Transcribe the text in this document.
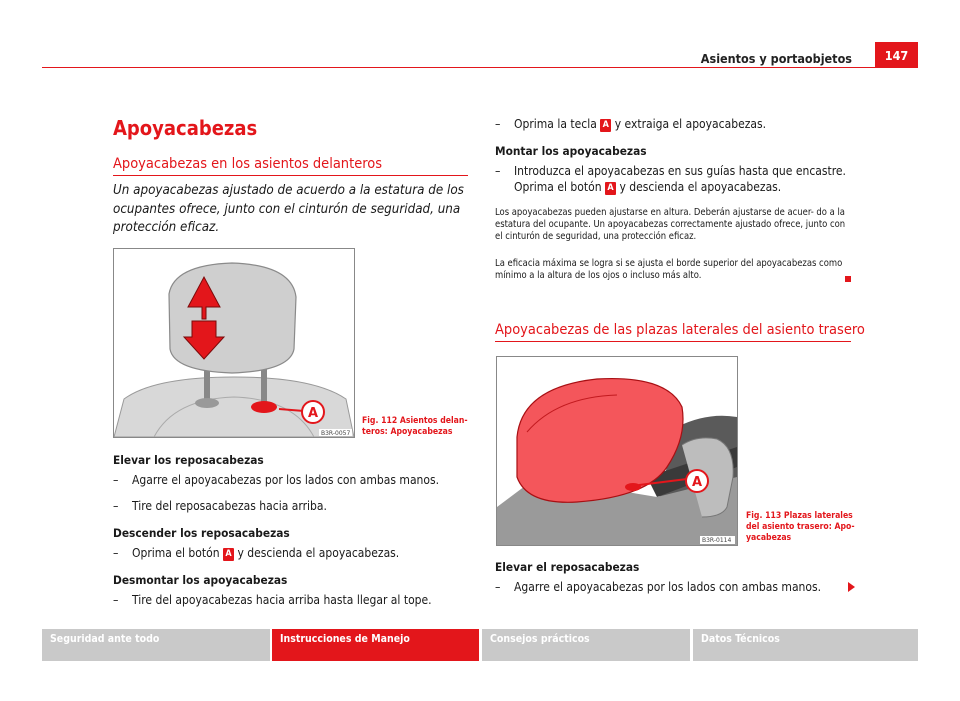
Asientos y portaobjetos	147
Apoyacabezas
Apoyacabezas en los asientos delanteros
Un apoyacabezas ajustado de acuerdo a la estatura de los ocupantes ofrece, junto con el cinturón de seguridad, una protección eficaz.
A
B3R-0057
Fig. 112 Asientos delan-
teros: Apoyacabezas
Elevar los reposacabezas
–	Agarre el apoyacabezas por los lados con ambas manos.
–	Tire del reposacabezas hacia arriba.
Descender los reposacabezas
–	Oprima el botón A y descienda el apoyacabezas.
Desmontar los apoyacabezas
–	Tire del apoyacabezas hacia arriba hasta llegar al tope.
–	Oprima la tecla A y extraiga el apoyacabezas.
Montar los apoyacabezas
–	Introduzca el apoyacabezas en sus guías hasta que encastre.
Oprima el botón A y descienda el apoyacabezas.
Los apoyacabezas pueden ajustarse en altura. Deberán ajustarse de acuer- do a la estatura del ocupante. Un apoyacabezas correctamente ajustado ofrece, junto con el cinturón de seguridad, una protección eficaz.
La eficacia máxima se logra si se ajusta el borde superior del apoyacabezas como mínimo a la altura de los ojos o incluso más alto.
Apoyacabezas de las plazas laterales del asiento trasero
A
B3R-0114
Fig. 113 Plazas laterales
del asiento trasero: Apo-
yacabezas
Elevar el reposacabezas
–	Agarre el apoyacabezas por los lados con ambas manos.
Seguridad ante todo	Instrucciones de Manejo	Consejos prácticos	Datos Técnicos
